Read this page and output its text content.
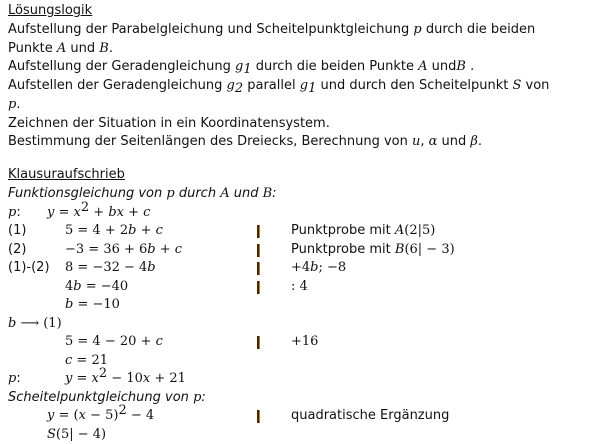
Lösungslogik
Aufstellung der Parabelgleichung und Scheitelpunktgleichung p durch die beiden
Punkte A und B.
Aufstellung der Geradengleichung $g_1$ durch die beiden Punkte A undB .
Aufstellen der Geradengleichung $g_2$ parallel $g_1$ und durch den Scheitelpunkt S von
p.
Zeichnen der Situation in ein Koordinatensystem.
Bestimmung der Seitenlängen des Dreiecks, Berechnung von u, α und β.
Klausuraufschrieb
Funktionsgleichung von p durch A und B:
p: $y = x^2$ + bx + c
(1)	5 = 4 + 2b + c	Punktprobe mit A(2|5)
(2)	−3 = 36 + 6b + c	Punktprobe mit B(6| − 3)
(1)-(2) 8 = −32 − 4b	+4b; −8
4b = −40	: 4
b = −10
b ⟶ (1)
5 = 4 − 20 + c	+16
c = 21
p:	$y = x^2 - 10x + 21$
Scheitelpunktgleichung von p:
$y = (x - 5)^2 - 4$	quadratische Ergänzung
S(5| − 4)
